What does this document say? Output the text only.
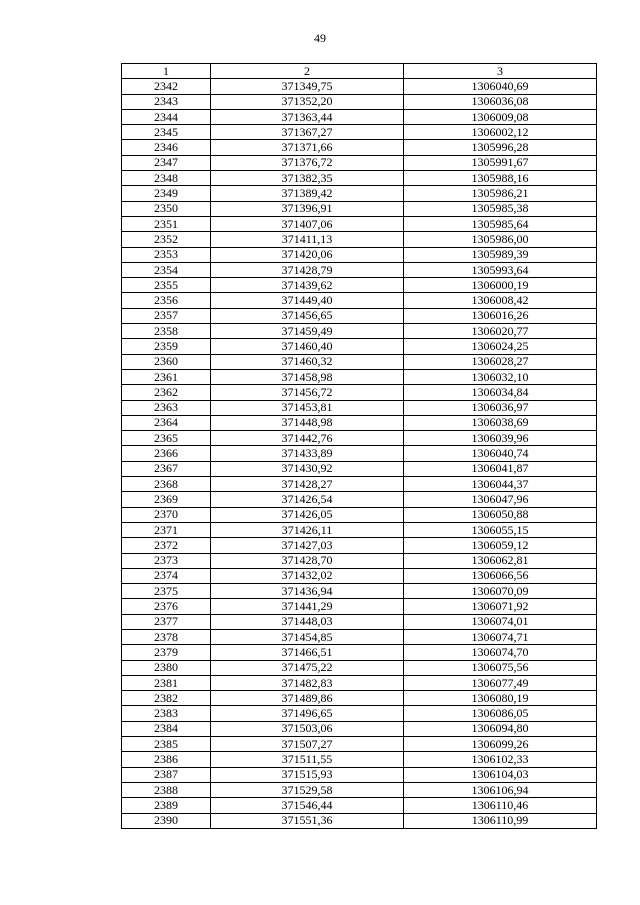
49
1	2	3
2342	371349,75	1306040,69
2343	371352,20	1306036,08
2344	371363,44	1306009,08
2345	371367,27	1306002,12
2346	371371,66	1305996,28
2347	371376,72	1305991,67
2348	371382,35	1305988,16
2349	371389,42	1305986,21
2350	371396,91	1305985,38
2351	371407,06	1305985,64
2352	371411,13	1305986,00
2353	371420,06	1305989,39
2354	371428,79	1305993,64
2355	371439,62	1306000,19
2356	371449,40	1306008,42
2357	371456,65	1306016,26
2358	371459,49	1306020,77
2359	371460,40	1306024,25
2360	371460,32	1306028,27
2361	371458,98	1306032,10
2362	371456,72	1306034,84
2363	371453,81	1306036,97
2364	371448,98	1306038,69
2365	371442,76	1306039,96
2366	371433,89	1306040,74
2367	371430,92	1306041,87
2368	371428,27	1306044,37
2369	371426,54	1306047,96
2370	371426,05	1306050,88
2371	371426,11	1306055,15
2372	371427,03	1306059,12
2373	371428,70	1306062,81
2374	371432,02	1306066,56
2375	371436,94	1306070,09
2376	371441,29	1306071,92
2377	371448,03	1306074,01
2378	371454,85	1306074,71
2379	371466,51	1306074,70
2380	371475,22	1306075,56
2381	371482,83	1306077,49
2382	371489,86	1306080,19
2383	371496,65	1306086,05
2384	371503,06	1306094,80
2385	371507,27	1306099,26
2386	371511,55	1306102,33
2387	371515,93	1306104,03
2388	371529,58	1306106,94
2389	371546,44	1306110,46
2390	371551,36	1306110,99
